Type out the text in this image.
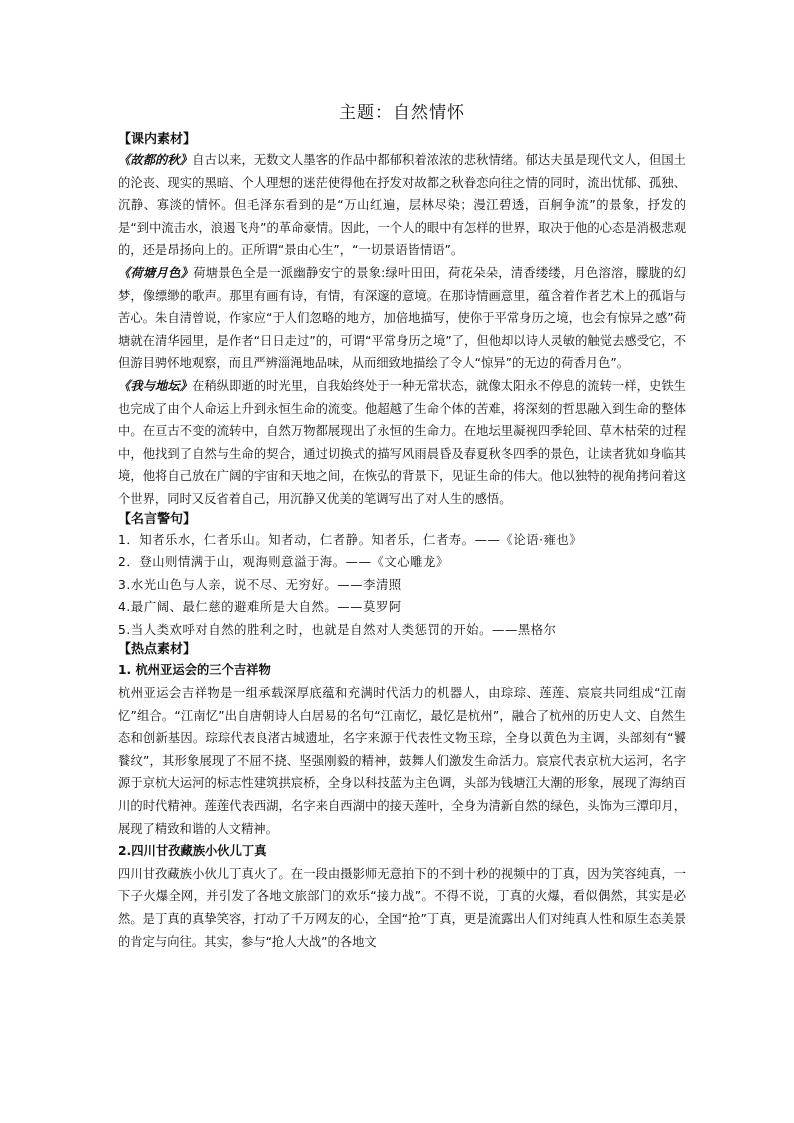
主题：自然情怀

【课内素材】

《故都的秋》自古以来，无数文人墨客的作品中都郁积着浓浓的悲秋情绪。郁达夫虽是现代文人，但国土的沦丧、现实的黑暗、个人理想的迷茫使得他在抒发对故都之秋眷恋向往之情的同时，流出忧郁、孤独、沉静、寡淡的情怀。但毛泽东看到的是“万山红遍，层林尽染；漫江碧透，百舸争流”的景象，抒发的是“到中流击水，浪遏飞舟”的革命豪情。因此，一个人的眼中有怎样的世界，取决于他的心态是消极悲观的，还是昂扬向上的。正所谓“景由心生”，“一切景语皆情语”。

《荷塘月色》荷塘景色全是一派幽静安宁的景象:绿叶田田，荷花朵朵，清香缕缕，月色溶溶，朦胧的幻梦，像缥缈的歌声。那里有画有诗，有情，有深邃的意境。在那诗情画意里，蕴含着作者艺术上的孤诣与苦心。朱自清曾说，作家应“于人们忽略的地方，加倍地描写，使你于平常身历之境，也会有惊异之感”荷塘就在清华园里，是作者“日日走过”的，可谓“平常身历之境”了，但他却以诗人灵敏的触觉去感受它，不但游目骋怀地观察，而且严辨淄渑地品味，从而细致地描绘了令人“惊异”的无边的荷香月色”。

《我与地坛》在稍纵即逝的时光里，自我始终处于一种无常状态，就像太阳永不停息的流转一样，史铁生也完成了由个人命运上升到永恒生命的流变。他超越了生命个体的苦难，将深刻的哲思融入到生命的整体中。在亘古不变的流转中，自然万物都展现出了永恒的生命力。在地坛里凝视四季轮回、草木枯荣的过程中，他找到了自然与生命的契合，通过切换式的描写风雨晨昏及春夏秋冬四季的景色，让读者犹如身临其境，他将自己放在广阔的宇宙和天地之间，在恢弘的背景下，见证生命的伟大。他以独特的视角拷问着这个世界，同时又反省着自己，用沉静又优美的笔调写出了对人生的感悟。

【名言警句】

1．知者乐水，仁者乐山。知者动，仁者静。知者乐，仁者寿。——《论语·雍也》

2．登山则情满于山，观海则意溢于海。——《文心雕龙》

3.水光山色与人亲，说不尽、无穷好。——李清照

4.最广阔、最仁慈的避难所是大自然。——莫罗阿

5.当人类欢呼对自然的胜利之时，也就是自然对人类惩罚的开始。——黑格尔

【热点素材】

1. 杭州亚运会的三个吉祥物

杭州亚运会吉祥物是一组承载深厚底蕴和充满时代活力的机器人，由琮琮、莲莲、宸宸共同组成“江南忆”组合。“江南忆”出自唐朝诗人白居易的名句“江南忆，最忆是杭州”，融合了杭州的历史人文、自然生态和创新基因。琮琮代表良渚古城遗址，名字来源于代表性文物玉琮，全身以黄色为主调，头部刻有“饕餮纹”，其形象展现了不屈不挠、坚强刚毅的精神，鼓舞人们激发生命活力。宸宸代表京杭大运河，名字源于京杭大运河的标志性建筑拱宸桥，全身以科技蓝为主色调，头部为钱塘江大潮的形象，展现了海纳百川的时代精神。莲莲代表西湖，名字来自西湖中的接天莲叶，全身为清新自然的绿色，头饰为三潭印月，展现了精致和谐的人文精神。

2.四川甘孜藏族小伙儿丁真

四川甘孜藏族小伙儿丁真火了。在一段由摄影师无意拍下的不到十秒的视频中的丁真，因为笑容纯真，一下子火爆全网，并引发了各地文旅部门的欢乐“接力战”。不得不说，丁真的火爆，看似偶然，其实是必然。是丁真的真挚笑容，打动了千万网友的心，全国“抢”丁真，更是流露出人们对纯真人性和原生态美景的肯定与向往。其实，参与“抢人大战”的各地文
